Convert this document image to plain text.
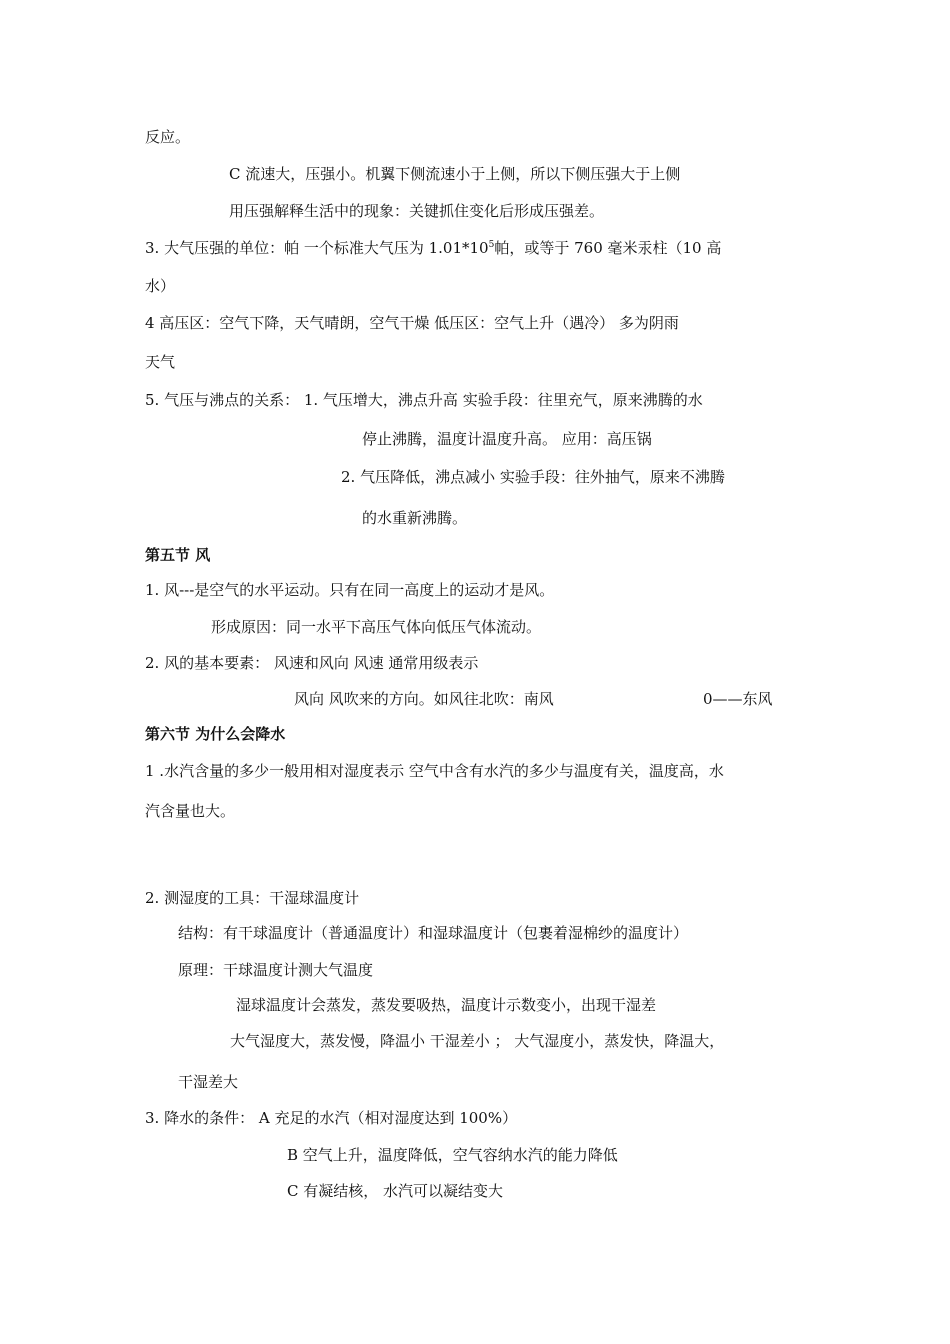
反应。
C 流速大，压强小。机翼下侧流速小于上侧，所以下侧压强大于上侧
用压强解释生活中的现象：关键抓住变化后形成压强差。
3. 大气压强的单位：帕 一个标准大气压为 $1.01*10^5$帕，或等于 760 毫米汞柱（10 高
水）
4 高压区：空气下降，天气晴朗，空气干燥 低压区：空气上升（遇冷） 多为阴雨
天气
5. 气压与沸点的关系： 1. 气压增大，沸点升高 实验手段：往里充气，原来沸腾的水
停止沸腾，温度计温度升高。 应用：高压锅
2. 气压降低，沸点减小 实验手段：往外抽气，原来不沸腾
的水重新沸腾。
第五节 风
1. 风---是空气的水平运动。只有在同一高度上的运动才是风。
形成原因：同一水平下高压气体向低压气体流动。
2. 风的基本要素： 风速和风向 风速 通常用级表示
风向 风吹来的方向。如风往北吹：南风	0——东风
第六节 为什么会降水
1 .水汽含量的多少一般用相对湿度表示 空气中含有水汽的多少与温度有关，温度高，水
汽含量也大。
2. 测湿度的工具：干湿球温度计
结构：有干球温度计（普通温度计）和湿球温度计（包裹着湿棉纱的温度计）
原理：干球温度计测大气温度
湿球温度计会蒸发，蒸发要吸热，温度计示数变小，出现干湿差
大气湿度大，蒸发慢，降温小 干湿差小 ； 大气湿度小，蒸发快，降温大，
干湿差大
3. 降水的条件： A 充足的水汽（相对湿度达到 100%）
B 空气上升，温度降低，空气容纳水汽的能力降低
C 有凝结核， 水汽可以凝结变大
